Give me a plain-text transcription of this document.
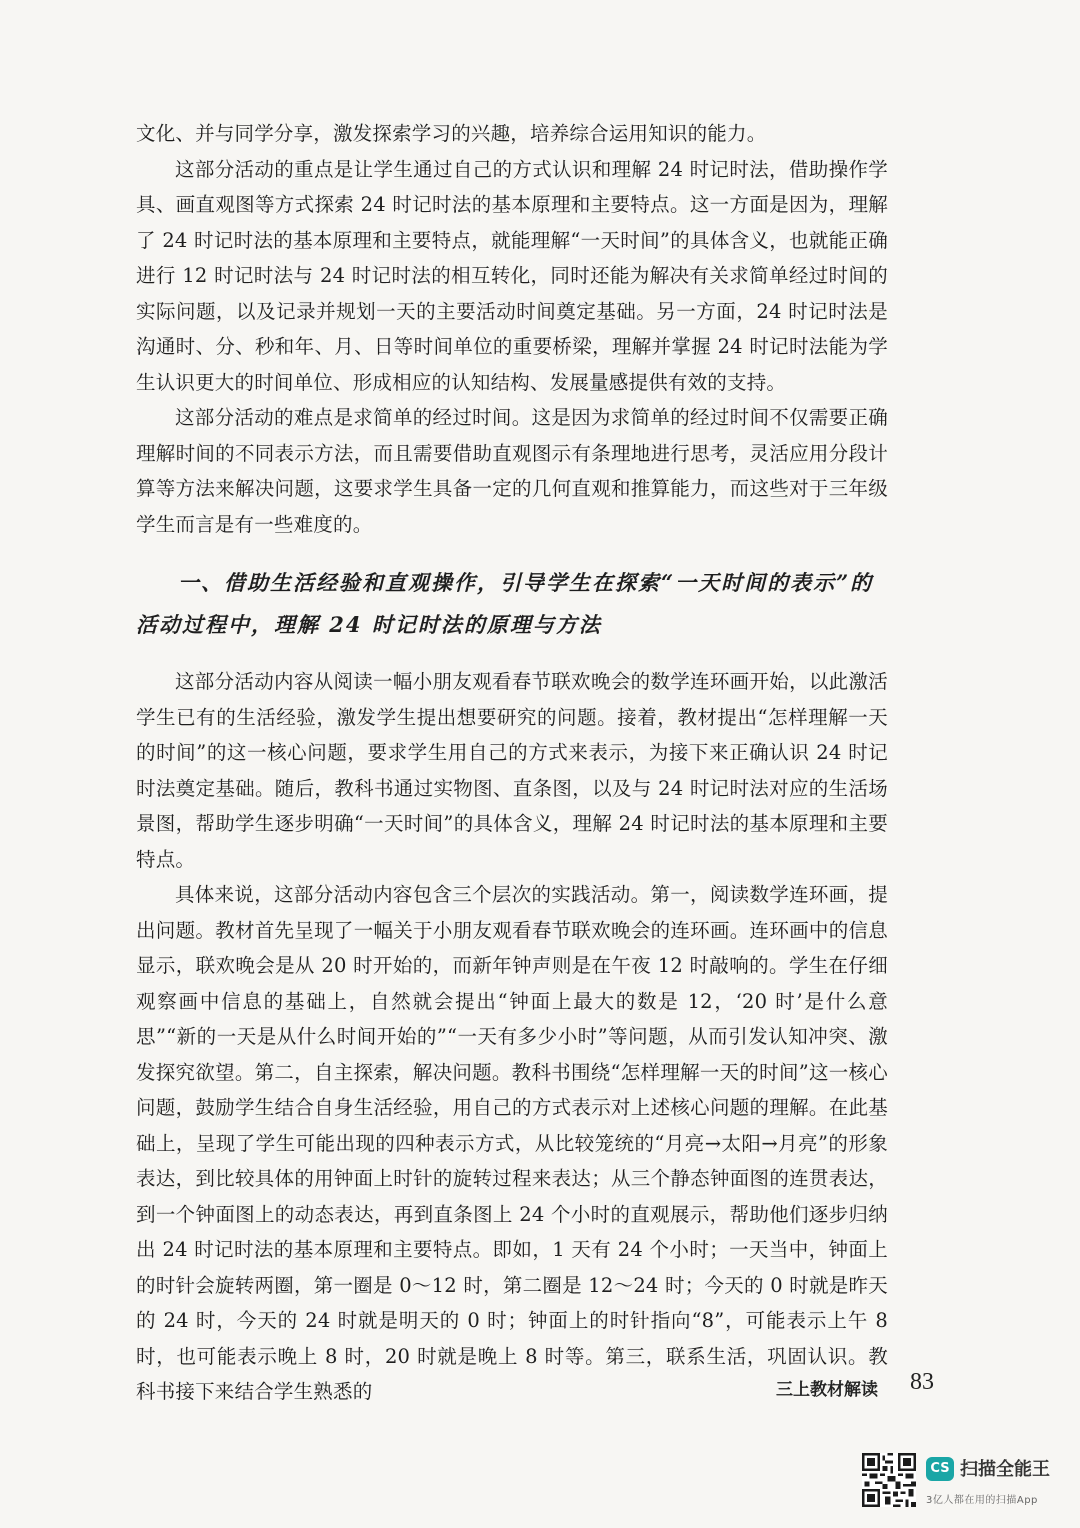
文化、并与同学分享，激发探索学习的兴趣，培养综合运用知识的能力。

这部分活动的重点是让学生通过自己的方式认识和理解 24 时记时法，借助操作学具、画直观图等方式探索 24 时记时法的基本原理和主要特点。这一方面是因为，理解了 24 时记时法的基本原理和主要特点，就能理解“一天时间”的具体含义，也就能正确进行 12 时记时法与 24 时记时法的相互转化，同时还能为解决有关求简单经过时间的实际问题，以及记录并规划一天的主要活动时间奠定基础。另一方面，24 时记时法是沟通时、分、秒和年、月、日等时间单位的重要桥梁，理解并掌握 24 时记时法能为学生认识更大的时间单位、形成相应的认知结构、发展量感提供有效的支持。

这部分活动的难点是求简单的经过时间。这是因为求简单的经过时间不仅需要正确理解时间的不同表示方法，而且需要借助直观图示有条理地进行思考，灵活应用分段计算等方法来解决问题，这要求学生具备一定的几何直观和推算能力，而这些对于三年级学生而言是有一些难度的。

一、借助生活经验和直观操作，引导学生在探索“一天时间的表示”的活动过程中，理解 24 时记时法的原理与方法

这部分活动内容从阅读一幅小朋友观看春节联欢晚会的数学连环画开始，以此激活学生已有的生活经验，激发学生提出想要研究的问题。接着，教材提出“怎样理解一天的时间”的这一核心问题，要求学生用自己的方式来表示，为接下来正确认识 24 时记时法奠定基础。随后，教科书通过实物图、直条图，以及与 24 时记时法对应的生活场景图，帮助学生逐步明确“一天时间”的具体含义，理解 24 时记时法的基本原理和主要特点。

具体来说，这部分活动内容包含三个层次的实践活动。第一，阅读数学连环画，提出问题。教材首先呈现了一幅关于小朋友观看春节联欢晚会的连环画。连环画中的信息显示，联欢晚会是从 20 时开始的，而新年钟声则是在午夜 12 时敲响的。学生在仔细观察画中信息的基础上，自然就会提出“钟面上最大的数是 12，‘20 时’是什么意思”“新的一天是从什么时间开始的”“一天有多少小时”等问题，从而引发认知冲突、激发探究欲望。第二，自主探索，解决问题。教科书围绕“怎样理解一天的时间”这一核心问题，鼓励学生结合自身生活经验，用自己的方式表示对上述核心问题的理解。在此基础上，呈现了学生可能出现的四种表示方式，从比较笼统的“月亮→太阳→月亮”的形象表达，到比较具体的用钟面上时针的旋转过程来表达；从三个静态钟面图的连贯表达，到一个钟面图上的动态表达，再到直条图上 24 个小时的直观展示，帮助他们逐步归纳出 24 时记时法的基本原理和主要特点。即如，1 天有 24 个小时；一天当中，钟面上的时针会旋转两圈，第一圈是 0～12 时，第二圈是 12～24 时；今天的 0 时就是昨天的 24 时，今天的 24 时就是明天的 0 时；钟面上的时针指向“8”，可能表示上午 8 时，也可能表示晚上 8 时，20 时就是晚上 8 时等。第三，联系生活，巩固认识。教科书接下来结合学生熟悉的	三上教材解读 83
CS 扫描全能王
3亿人都在用的扫描App
